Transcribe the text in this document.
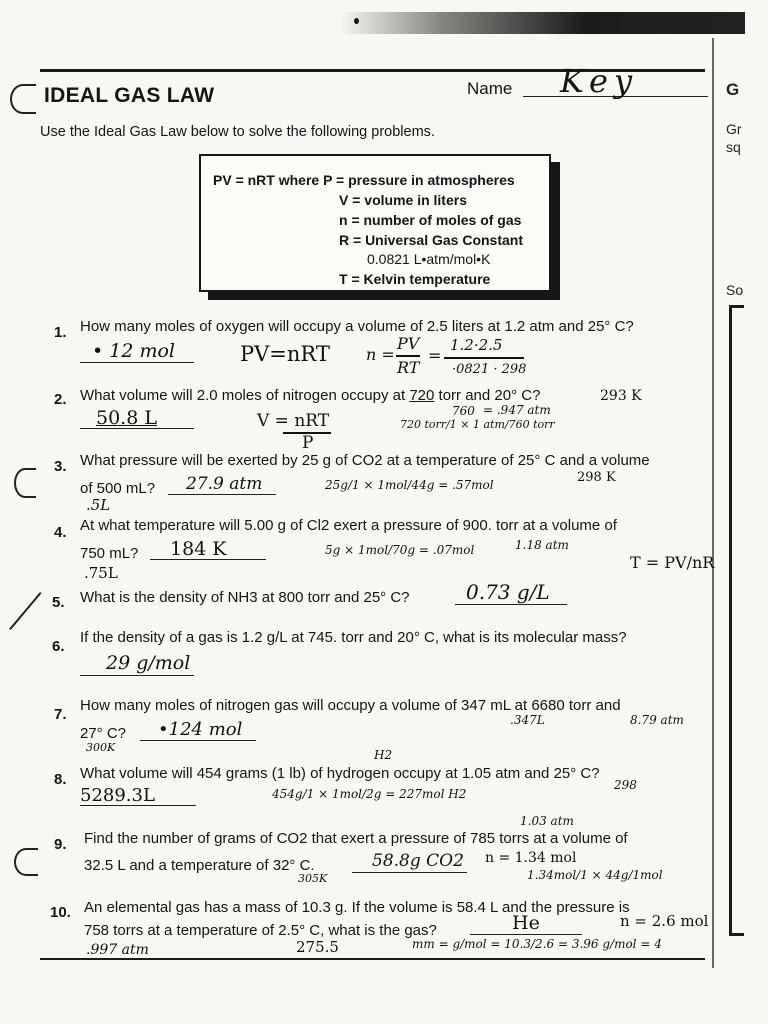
G
Gr
sq
So
IDEAL GAS LAW	Name Key
Use the Ideal Gas Law below to solve the following problems.
PV = nRT where P = pressure in atmospheres
V = volume in liters
n = number of moles of gas
R = Universal Gas Constant
0.0821 L•atm/mol•K
T = Kelvin temperature
1. How many moles of oxygen will occupy a volume of 2.5 liters at 1.2 atm and 25° C?
• 12 mol	PV=nRT n =
PV
RT
=
1.2·2.5
·0821 · 298
2. What volume will 2.0 moles of nitrogen occupy at 720 torr and 20° C?
50.8 L	V = nRT
P
720 torr/1 × 1 atm/760 torr
760 = .947 atm
293 K
3. What pressure will be exerted by 25 g of CO2 at a temperature of 25° C and a volume
of 500 mL? 27.9 atm
.5L
25g/1 × 1mol/44g = .57mol	298 K
4. At what temperature will 5.00 g of Cl2 exert a pressure of 900. torr at a volume of
750 mL? 184 K
.75L
5g × 1mol/70g = .07mol	1.18 atm
T = PV/nR
5. What is the density of NH3 at 800 torr and 25° C?	0.73 g/L
6.
If the density of a gas is 1.2 g/L at 745. torr and 20° C, what is its molecular mass?
29 g/mol
7.
How many moles of nitrogen gas will occupy a volume of 347 mL at 6680 torr and
27° C? •124 mol	.347L	8.79 atm
300K
8. What volume will 454 grams (1 lb) of hydrogen occupy at 1.05 atm and 25° C?
H2
298
5289.3L	454g/1 × 1mol/2g = 227mol H2
9. Find the number of grams of CO2 that exert a pressure of 785 torrs at a volume of
32.5 L and a temperature of 32° C.
1.03 atm
58.8g CO2 n = 1.34 mol
305K	1.34mol/1 × 44g/1mol
10. An elemental gas has a mass of 10.3 g. If the volume is 58.4 L and the pressure is
758 torrs at a temperature of 2.5° C, what is the gas?	He	n = 2.6 mol
.997 atm	275.5	mm = g/mol = 10.3/2.6 = 3.96 g/mol = 4
